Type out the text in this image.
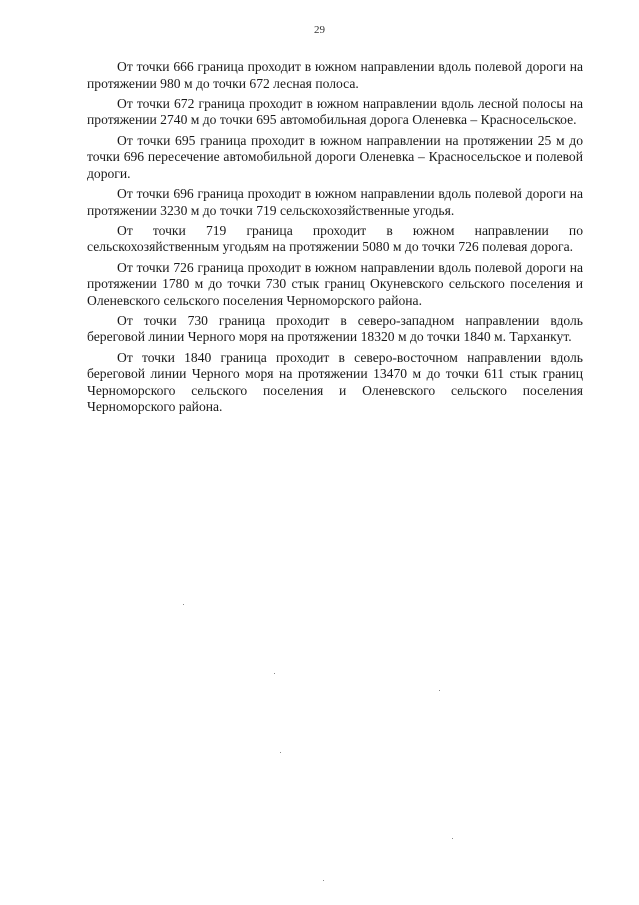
29

От точки 666 граница проходит в южном направлении вдоль полевой дороги на протяжении 980 м до точки 672 лесная полоса.

От точки 672 граница проходит в южном направлении вдоль лесной полосы на протяжении 2740 м до точки 695 автомобильная дорога Оленевка – Красносельское.

От точки 695 граница проходит в южном направлении на протяжении 25 м до точки 696 пересечение автомобильной дороги Оленевка – Красносельское и полевой дороги.

От точки 696 граница проходит в южном направлении вдоль полевой дороги на протяжении 3230 м до точки 719 сельскохозяйственные угодья.

От точки 719 граница проходит в южном направлении по сельскохозяйственным угодьям на протяжении 5080 м до точки 726 полевая дорога.

От точки 726 граница проходит в южном направлении вдоль полевой дороги на протяжении 1780 м до точки 730 стык границ Окуневского сельского поселения и Оленевского сельского поселения Черноморского района.

От точки 730 граница проходит в северо-западном направлении вдоль береговой линии Черного моря на протяжении 18320 м до точки 1840 м. Тарханкут.

От точки 1840 граница проходит в северо-восточном направлении вдоль береговой линии Черного моря на протяжении 13470 м до точки 611 стык границ Черноморского сельского поселения и Оленевского сельского поселения Черноморского района.
